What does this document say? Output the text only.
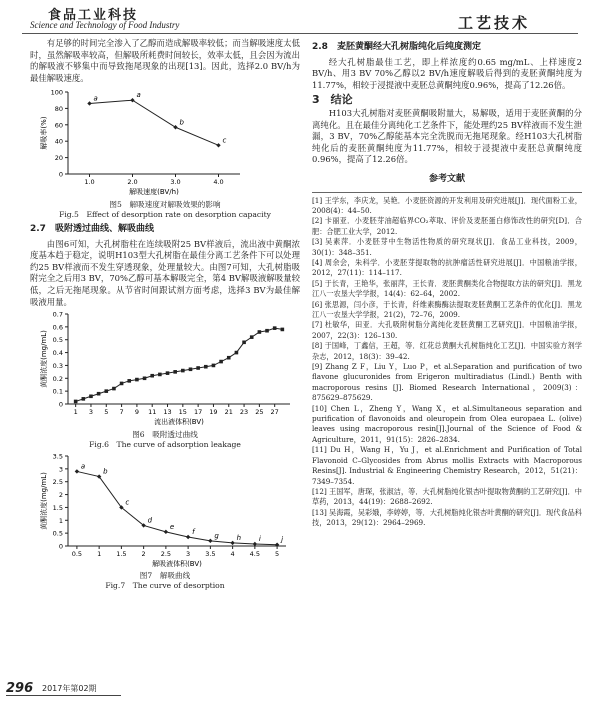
食品工业科技
Science and Technology of Food Industry	工艺技术

有足够的时间完全渗入了乙醇而造成解吸率较低；而当解吸速度太低时，虽然解吸率较高，但解吸所耗费时间较长，效率太低，且会因为流出的解吸液不够集中而导致拖尾现象的出现[13]。因此，选择2.0 BV/h为最佳解吸速度。

0
20
40
60
80
100
1.0	2.0	3.0	4.0
解吸速度(BV/h)
解吸率(%)
a	a
b
c
图5　解吸速度对解吸效果的影响
Fig.5　Effect of desorption rate on desorption capacity
2.7　吸附透过曲线、解吸曲线

由图6可知，大孔树脂柱在连续吸附25 BV样液后，流出液中黄酮浓度基本趋于稳定，说明H103型大孔树脂在最佳分离工艺条件下可以处理约25 BV样液而不发生穿透现象，处理量较大。由图7可知，大孔树脂吸附完全之后用3 BV，70%乙醇可基本解吸完全，第4 BV解吸液解吸量较低，之后无拖尾现象。从节省时间跟试剂方面考虑，选择3 BV为最佳解吸液用量。

0
0.1
0.2
0.3
0.4
0.5
0.6
0.7
1 3 5 7 9 11 13 15 17 19 21 23 25 27
流出液体积(BV)
黄酮浓度(mg/mL)
图6　吸附透过曲线
Fig.6　The curve of adsorption leakage
0
0.5
1
1.5
2
2.5
3
3.5
0.5 1 1.5 2 2.5 3 3.5 4 4.5 5
解吸液体积(BV)
黄酮浓度(mg/mL)
a
b
c
d
e
f	g	h	i	j
图7　解吸曲线
Fig.7　The curve of desorption
2.8　麦胚黄酮经大孔树脂纯化后纯度测定

经大孔树脂最佳工艺，即上样浓度约0.65 mg/mL、上样速度2 BV/h、用3 BV 70%乙醇以2 BV/h速度解吸后得到的麦胚黄酮纯度为11.77%，相较于浸提液中麦胚总黄酮纯度0.96%，提高了12.26倍。

3　结论

H103大孔树脂对麦胚黄酮吸附量大，易解吸，适用于麦胚黄酮的分离纯化。且在最佳分离纯化工艺条件下，能处理约25 BV样液而不发生泄漏，3 BV，70%乙醇能基本完全洗脱而无拖尾现象。经H103大孔树脂纯化后的麦胚黄酮纯度为11.77%，相较于浸提液中麦胚总黄酮纯度0.96%，提高了12.26倍。

参考文献
[1] 王学东，李庆龙，吴艳．小麦胚资源的开发利用及研究进展[J]．现代面粉工业，2008(4)：44–50.
[2] 卡丽亚．小麦胚芽油超临界CO₂萃取、评价及麦胚蛋白修饰改性的研究[D]．合肥：合肥工业大学，2012.
[3] 吴素萍．小麦胚芽中生物活性物质的研究现状[J]．食品工业科技，2009，30(1)：348–351.
[4] 周余会，朱科学．小麦胚芽提取物的抗肿瘤活性研究进展[J]．中国粮油学报，2012，27(11)：114–117.
[5] 于长青，王艳华，张丽萍，王长青．麦胚黄酮类化合物提取方法的研究[J]．黑龙江八一农垦大学学报，14(4)：62–64，2002.
[6] 张思源，闫小彦，于长青，纤维素酶酶法提取麦胚黄酮工艺条件的优化[J]．黑龙江八一农垦大学学报，21(2)，72–76，2009.
[7] 杜敏华，田亚．大孔吸附树脂分离纯化麦胚黄酮工艺研究[J]．中国粮油学报，2007，22(3)：126–130.
[8] 于国峰，丁鑫信，王超，等．红花总黄酮大孔树脂纯化工艺[J]．中国实验方剂学杂志，2012，18(3)：39–42.
[9] Zhang Z F，Liu Y，Luo P，et al.Separation and purification of two flavone glucuronides from Erigeron multiradiatus (Lindl.) Benth with macroporous resins [J]. Biomed Research International，2009(3)：875629–875629.
[10] Chen L，Zheng Y，Wang X，et al.Simultaneous separation and purification of flavonoids and oleuropein from Olea europaea L. (olive) leaves using macroporous resin[J].Journal of the Science of Food & Agriculture，2011，91(15)：2826–2834.
[11] Du H，Wang H，Yu J，et al.Enrichment and Purification of Total Flavonoid C–Glycosides from Abrus mollis Extracts with Macroporous Resins[J]. Industrial & Engineering Chemistry Research，2012，51(21)：7349–7354.
[12] 王国军，唐琛，张淑洁，等．大孔树脂纯化银杏叶提取物黄酮的工艺研究[J]．中草药，2013，44(19)：2688–2692.
[13] 吴海霞，吴彩娥，李婷婷，等．大孔树脂纯化银杏叶黄酮的研究[J]．现代食品科技，2013，29(12)：2964–2969.
296 2017年第02期
